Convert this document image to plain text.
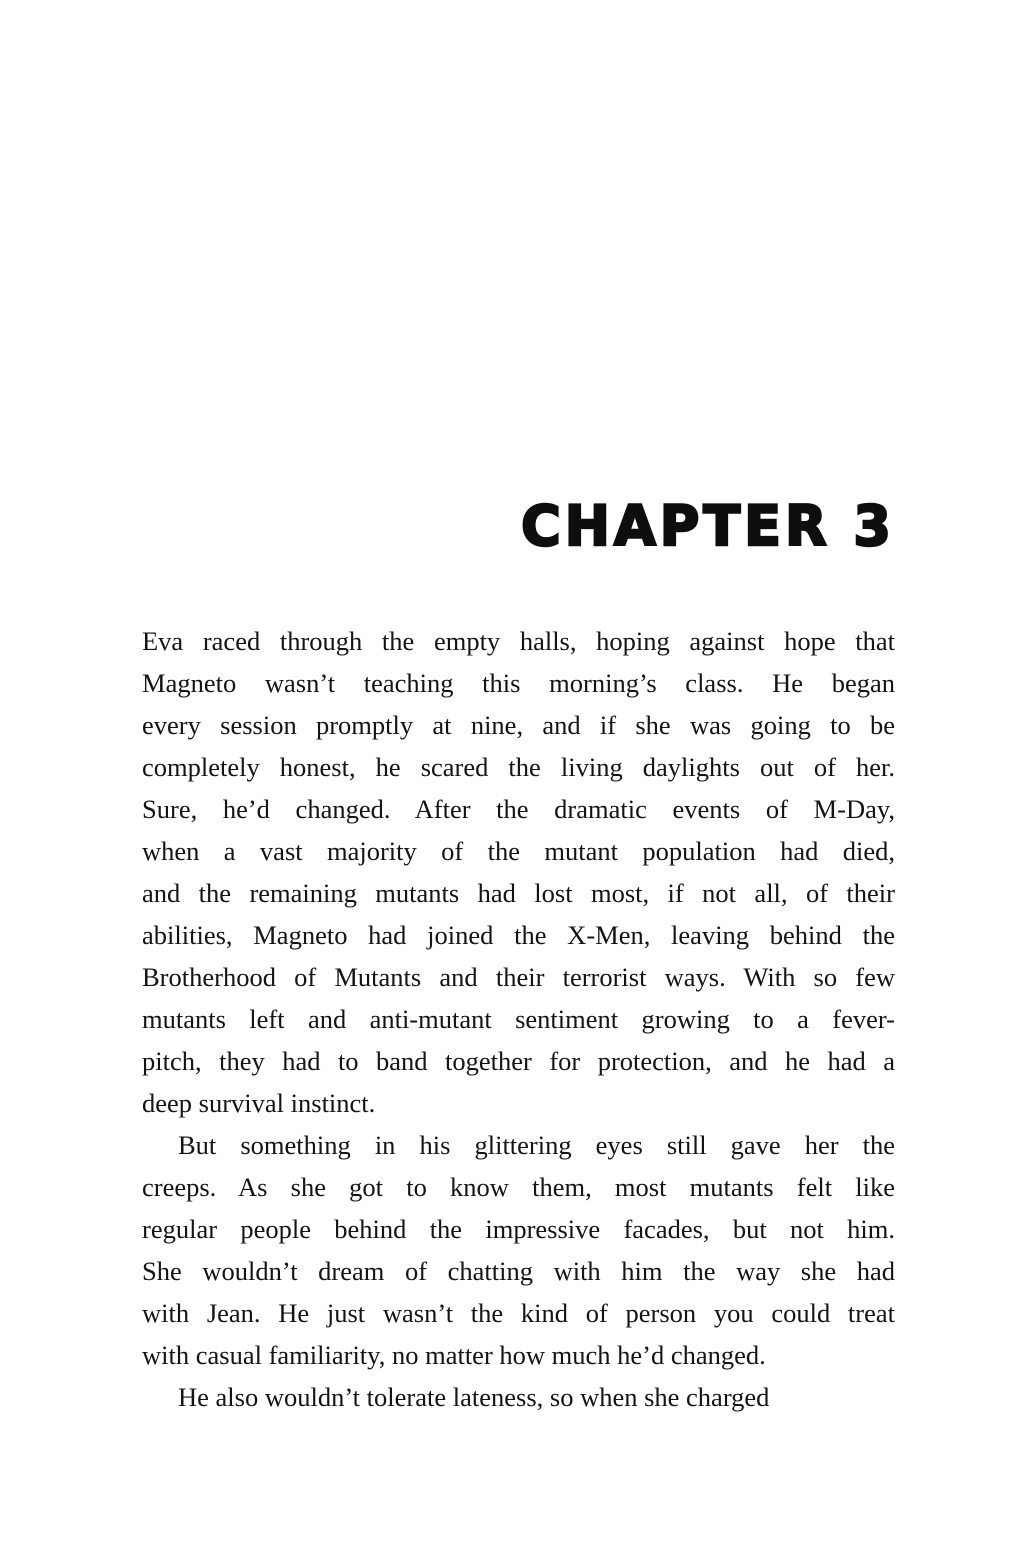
CHAPTER 3

Eva raced through the empty halls, hoping against hope that
Magneto wasn’t teaching this morning’s class. He began
every session promptly at nine, and if she was going to be
completely honest, he scared the living daylights out of her.
Sure, he’d changed. After the dramatic events of M-Day,
when a vast majority of the mutant population had died,
and the remaining mutants had lost most, if not all, of their
abilities, Magneto had joined the X-Men, leaving behind the
Brotherhood of Mutants and their terrorist ways. With so few
mutants left and anti-mutant sentiment growing to a fever-
pitch, they had to band together for protection, and he had a
deep survival instinct.

But something in his glittering eyes still gave her the
creeps. As she got to know them, most mutants felt like
regular people behind the impressive facades, but not him.
She wouldn’t dream of chatting with him the way she had
with Jean. He just wasn’t the kind of person you could treat
with casual familiarity, no matter how much he’d changed.

He also wouldn’t tolerate lateness, so when she charged
